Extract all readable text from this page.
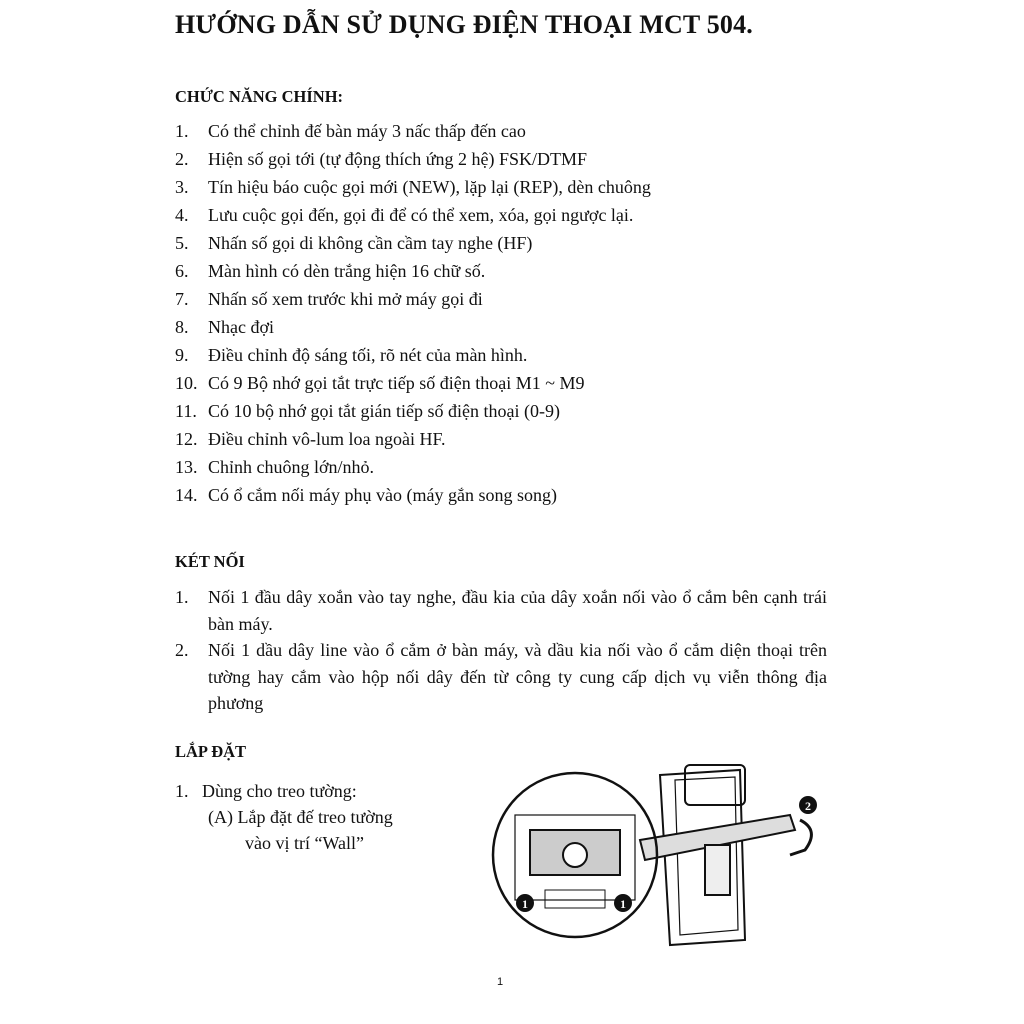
HƯỚNG DẪN SỬ DỤNG ĐIỆN THOẠI MCT 504.
CHỨC NĂNG CHÍNH:
1. Có thể chỉnh đế bàn máy 3 nấc thấp đến cao
2. Hiện số gọi tới (tự động thích ứng 2 hệ) FSK/DTMF
3. Tín hiệu báo cuộc gọi mới (NEW), lặp lại (REP), dèn chuông
4. Lưu cuộc gọi đến, gọi đi để có thể xem, xóa, gọi ngược lại.
5. Nhấn số gọi di không cần cầm tay nghe (HF)
6. Màn hình có dèn trắng hiện 16 chữ số.
7. Nhấn số xem trước khi mở máy gọi đi
8. Nhạc đợi
9. Điều chỉnh độ sáng tối, rõ nét của màn hình.
10. Có 9 Bộ nhớ gọi tắt trực tiếp số điện thoại M1 ~ M9
11. Có 10 bộ nhớ gọi tắt gián tiếp số điện thoại (0-9)
12. Điều chỉnh vô-lum loa ngoài HF.
13. Chỉnh chuông lớn/nhỏ.
14. Có ổ cắm nối máy phụ vào (máy gắn song song)
KÉT NỐI
1. Nối 1 đầu dây xoắn vào tay nghe, đầu kia của dây xoắn nối vào ổ cắm bên cạnh trái bàn máy.
2. Nối 1 dầu dây line vào ổ cắm ở bàn máy, và dầu kia nối vào ổ cắm diện thoại trên tường hay cắm vào hộp nối dây đến từ công ty cung cấp dịch vụ viễn thông địa phương
LẮP ĐẶT
1. Dùng cho treo tường:
(A) Lắp đặt đế treo tường
vào vị trí “Wall”
2
1	1
1
